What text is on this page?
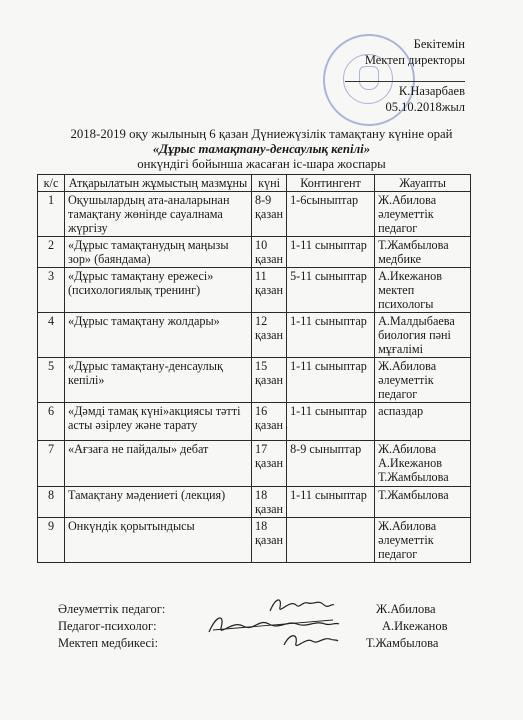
Бекітемін
Мектеп директоры
К.Назарбаев
05.10.2018жыл
2018-2019 оқу жылының 6 қазан Дүниежүзілік тамақтану күніне орай
«Дұрыс тамақтану-денсаулық кепілі»
онкүндігі бойынша жасаған іс-шара жоспары
к/с	Атқарылатын жұмыстың мазмұны	күні	Контингент	Жауапты
1	Оқушылардың ата-аналарынан тамақтану жөнінде сауалнама жүргізу	8-9 қазан	1-6сыныптар	Ж.Абилова әлеуметтік педагог
2	«Дұрыс тамақтанудың маңызы зор» (баяндама)	10 қазан	1-11 сыныптар	Т.Жамбылова медбике
3	«Дұрыс тамақтану ережесі» (психологиялық тренинг)	11 қазан	5-11 сыныптар	А.Икежанов мектеп психологы
4	«Дұрыс тамақтану жолдары»	12 қазан	1-11 сыныптар	А.Малдыбаева биология пәні мұғалімі
5	«Дұрыс тамақтану-денсаулық кепілі»	15 қазан	1-11 сыныптар	Ж.Абилова әлеуметтік педагог
6	«Дәмді тамақ күні»акциясы тәтті асты әзірлеу және тарату	16 қазан	1-11 сыныптар	аспаздар
7	«Ағзаға не пайдалы» дебат	17 қазан	8-9 сыныптар	Ж.Абилова А.Икежанов Т.Жамбылова
8	Тамақтану мәдениеті (лекция)	18 қазан	1-11 сыныптар	Т.Жамбылова
9	Онкүндік қорытындысы	18 қазан		Ж.Абилова әлеуметтік педагог
Әлеуметтік педагог:	Ж.Абилова
Педагог-психолог:	А.Икежанов
Мектеп медбикесі:	Т.Жамбылова
